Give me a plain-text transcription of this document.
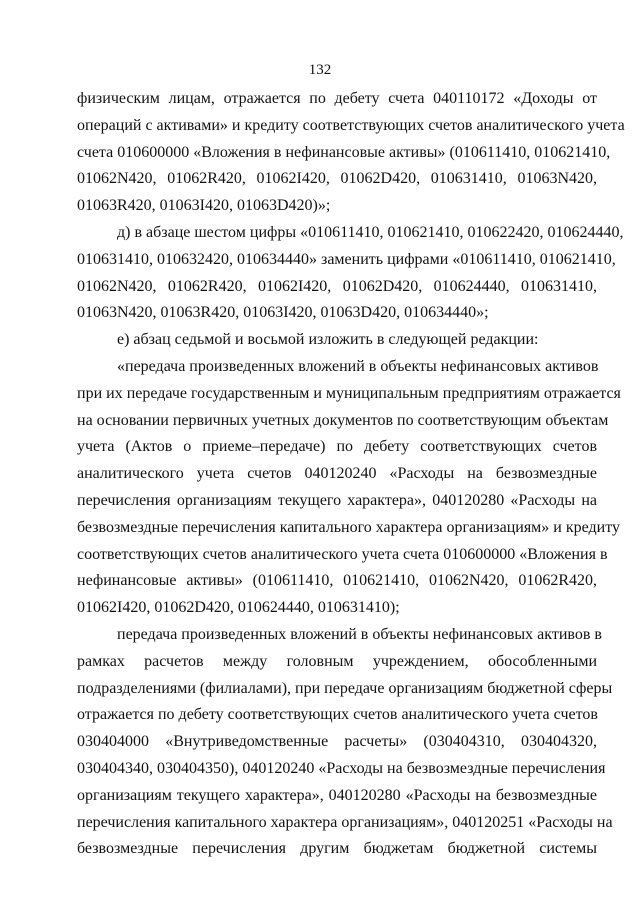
132
физическим лицам, отражается по дебету счета 040110172 «Доходы от
операций с активами» и кредиту соответствующих счетов аналитического учета
счета 010600000 «Вложения в нефинансовые активы» (010611410, 010621410,
01062N420, 01062R420, 01062I420, 01062D420, 010631410, 01063N420,
01063R420, 01063I420, 01063D420)»;
д) в абзаце шестом цифры «010611410, 010621410, 010622420, 010624440,
010631410, 010632420, 010634440» заменить цифрами «010611410, 010621410,
01062N420, 01062R420, 01062I420, 01062D420, 010624440, 010631410,
01063N420, 01063R420, 01063I420, 01063D420, 010634440»;
е) абзац седьмой и восьмой изложить в следующей редакции:
«передача произведенных вложений в объекты нефинансовых активов
при их передаче государственным и муниципальным предприятиям отражается
на основании первичных учетных документов по соответствующим объектам
учета (Актов о приеме–передаче) по дебету соответствующих счетов
аналитического учета счетов 040120240 «Расходы на безвозмездные
перечисления организациям текущего характера», 040120280 «Расходы на
безвозмездные перечисления капитального характера организациям» и кредиту
соответствующих счетов аналитического учета счета 010600000 «Вложения в
нефинансовые активы» (010611410, 010621410, 01062N420, 01062R420,
01062I420, 01062D420, 010624440, 010631410);
передача произведенных вложений в объекты нефинансовых активов в
рамках расчетов между головным учреждением, обособленными
подразделениями (филиалами), при передаче организациям бюджетной сферы
отражается по дебету соответствующих счетов аналитического учета счетов
030404000 «Внутриведомственные расчеты» (030404310, 030404320,
030404340, 030404350), 040120240 «Расходы на безвозмездные перечисления
организациям текущего характера», 040120280 «Расходы на безвозмездные
перечисления капитального характера организациям», 040120251 «Расходы на
безвозмездные перечисления другим бюджетам бюджетной системы
